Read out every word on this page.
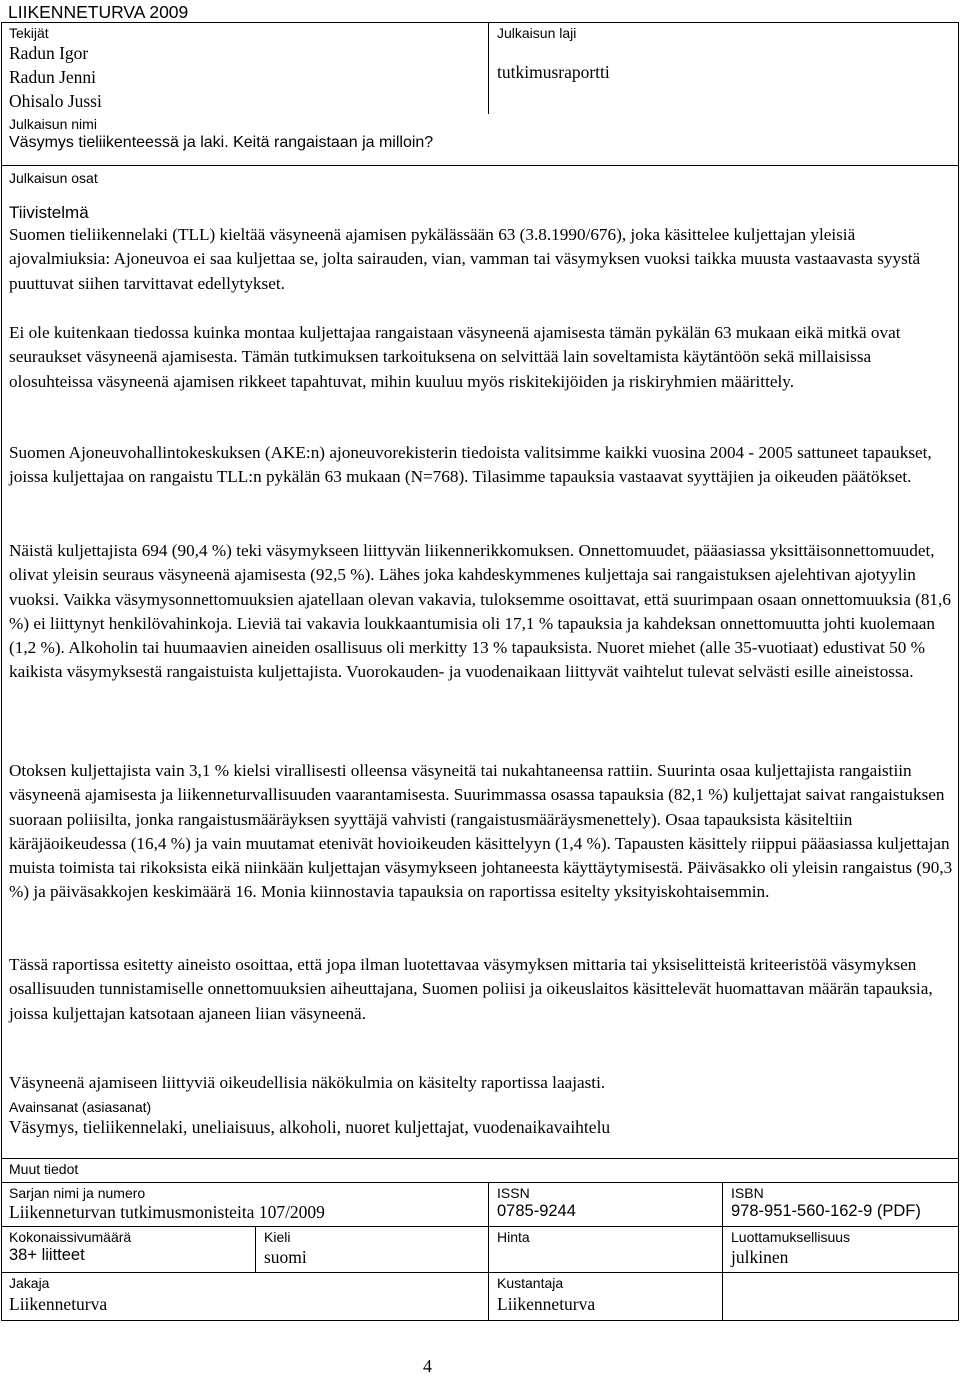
LIIKENNETURVA 2009
Tekijät
Radun Igor
Radun Jenni
Ohisalo Jussi
Julkaisun laji
tutkimusraportti
Julkaisun nimi
Väsymys tieliikenteessä ja laki. Keitä rangaistaan ja milloin?
Julkaisun osat
Tiivistelmä

Suomen tieliikennelaki (TLL) kieltää väsyneenä ajamisen pykälässään 63 (3.8.1990/676), joka käsittelee kuljettajan yleisiä ajovalmiuksia: Ajoneuvoa ei saa kuljettaa se, jolta sairauden, vian, vamman tai väsymyksen vuoksi taikka muusta vastaavasta syystä puuttuvat siihen tarvittavat edellytykset.

Ei ole kuitenkaan tiedossa kuinka montaa kuljettajaa rangaistaan väsyneenä ajamisesta tämän pykälän 63 mukaan eikä mitkä ovat seuraukset väsyneenä ajamisesta. Tämän tutkimuksen tarkoituksena on selvittää lain soveltamista käytäntöön sekä millaisissa olosuhteissa väsyneenä ajamisen rikkeet tapahtuvat, mihin kuuluu myös riskitekijöiden ja riskiryhmien määrittely.

Suomen Ajoneuvohallintokeskuksen (AKE:n) ajoneuvorekisterin tiedoista valitsimme kaikki vuosina 2004 - 2005 sattuneet tapaukset, joissa kuljettajaa on rangaistu TLL:n pykälän 63 mukaan (N=768). Tilasimme tapauksia vastaavat syyttäjien ja oikeuden päätökset.

Näistä kuljettajista 694 (90,4 %) teki väsymykseen liittyvän liikennerikkomuksen. Onnettomuudet, pääasiassa yksittäisonnettomuudet, olivat yleisin seuraus väsyneenä ajamisesta (92,5 %). Lähes joka kahdeskymmenes kuljettaja sai rangaistuksen ajelehtivan ajotyylin vuoksi. Vaikka väsymysonnettomuuksien ajatellaan olevan vakavia, tuloksemme osoittavat, että suurimpaan osaan onnettomuuksia (81,6 %) ei liittynyt henkilövahinkoja. Lieviä tai vakavia loukkaantumisia oli 17,1 % tapauksia ja kahdeksan onnettomuutta johti kuolemaan (1,2 %). Alkoholin tai huumaavien aineiden osallisuus oli merkitty 13 % tapauksista. Nuoret miehet (alle 35-vuotiaat) edustivat 50 % kaikista väsymyksestä rangaistuista kuljettajista. Vuorokauden- ja vuodenaikaan liittyvät vaihtelut tulevat selvästi esille aineistossa.

Otoksen kuljettajista vain 3,1 % kielsi virallisesti olleensa väsyneitä tai nukahtaneensa rattiin. Suurinta osaa kuljettajista rangaistiin väsyneenä ajamisesta ja liikenneturvallisuuden vaarantamisesta. Suurimmassa osassa tapauksia (82,1 %) kuljettajat saivat rangaistuksen suoraan poliisilta, jonka rangaistusmääräyksen syyttäjä vahvisti (rangaistusmääräysmenettely). Osaa tapauksista käsiteltiin käräjäoikeudessa (16,4 %) ja vain muutamat etenivät hovioikeuden käsittelyyn (1,4 %). Tapausten käsittely riippui pääasiassa kuljettajan muista toimista tai rikoksista eikä niinkään kuljettajan väsymykseen johtaneesta käyttäytymisestä. Päiväsakko oli yleisin rangaistus (90,3 %) ja päiväsakkojen keskimäärä 16. Monia kiinnostavia tapauksia on raportissa esitelty yksityiskohtaisemmin.

Tässä raportissa esitetty aineisto osoittaa, että jopa ilman luotettavaa väsymyksen mittaria tai yksiselitteistä kriteeristöä väsymyksen osallisuuden tunnistamiselle onnettomuuksien aiheuttajana, Suomen poliisi ja oikeuslaitos käsittelevät huomattavan määrän tapauksia, joissa kuljettajan katsotaan ajaneen liian väsyneenä.

Väsyneenä ajamiseen liittyviä oikeudellisia näkökulmia on käsitelty raportissa laajasti.

Avainsanat (asiasanat)
Väsymys, tieliikennelaki, uneliaisuus, alkoholi, nuoret kuljettajat, vuodenaikavaihtelu
Muut tiedot
Sarjan nimi ja numero
Liikenneturvan tutkimusmonisteita 107/2009
ISSN
0785-9244
ISBN
978-951-560-162-9 (PDF)
Kokonaissivumäärä
38+ liitteet
Kieli
suomi
Hinta	Luottamuksellisuus
julkinen
Jakaja
Liikenneturva
Kustantaja
Liikenneturva
4
